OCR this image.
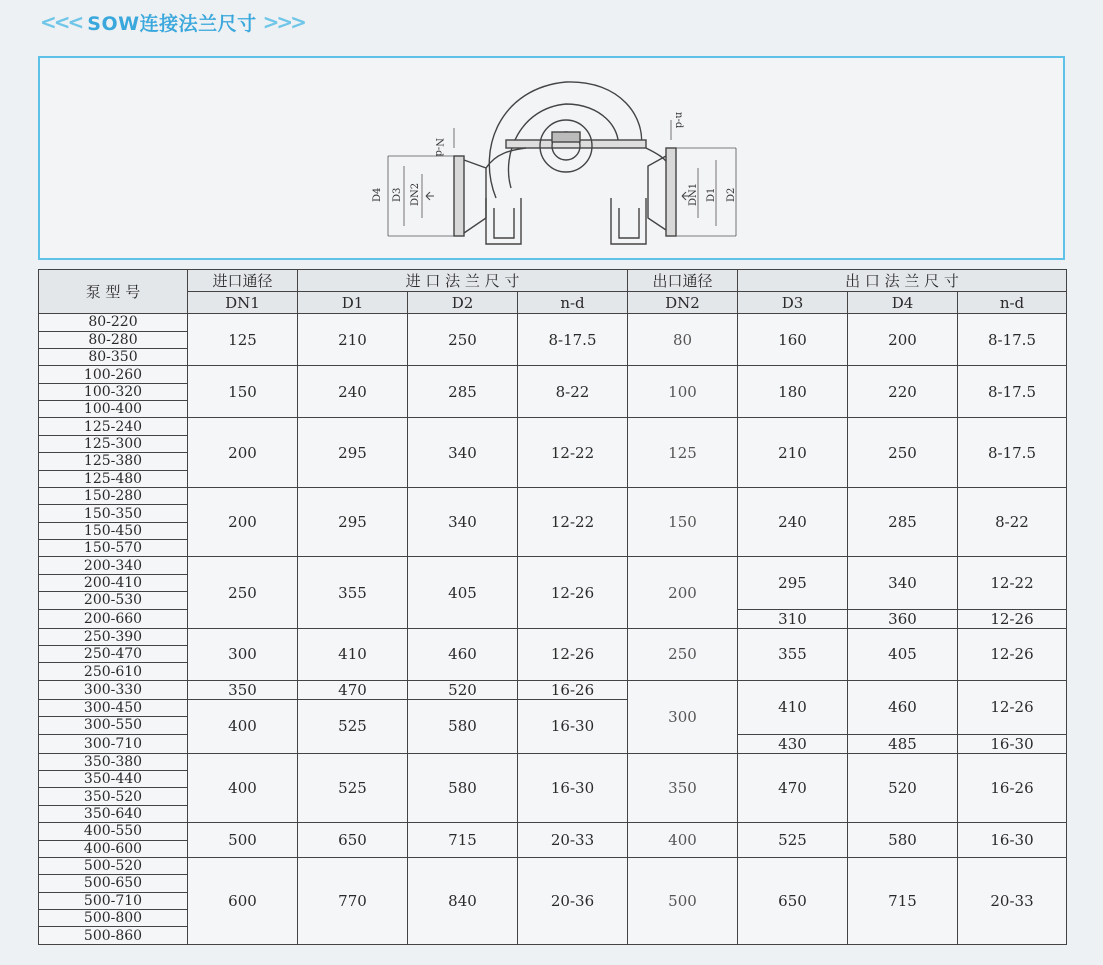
<<< SOW连接法兰尺寸 >>>
N-d
D4 D3 DN2
n-d
DN1 D1 D2
泵 型 号	进口通径	进 口 法 兰 尺 寸			出口通径	出 口 法 兰 尺 寸		
	DN1	D1	D2	n-d	DN2	D3	D4	n-d
80-220	125	210	250	8-17.5	80	160	200	8-17.5
80-280								
80-350								
100-260	150	240	285	8-22	100	180	220	8-17.5
100-320								
100-400								
125-240	200	295	340	12-22	125	210	250	8-17.5
125-300								
125-380								
125-480								
150-280	200	295	340	12-22	150	240	285	8-22
150-350								
150-450								
150-570								
200-340	250	355	405	12-26	200	295	340	12-22
200-410								
200-530								
200-660						310	360	12-26
250-390	300	410	460	12-26	250	355	405	12-26
250-470								
250-610								
300-330	350	470	520	16-26	300	410	460	12-26
300-450	400	525	580	16-30				
300-550								
300-710						430	485	16-30
350-380	400	525	580	16-30	350	470	520	16-26
350-440								
350-520								
350-640								
400-550	500	650	715	20-33	400	525	580	16-30
400-600								
500-520	600	770	840	20-36	500	650	715	20-33
500-650								
500-710								
500-800								
500-860								
